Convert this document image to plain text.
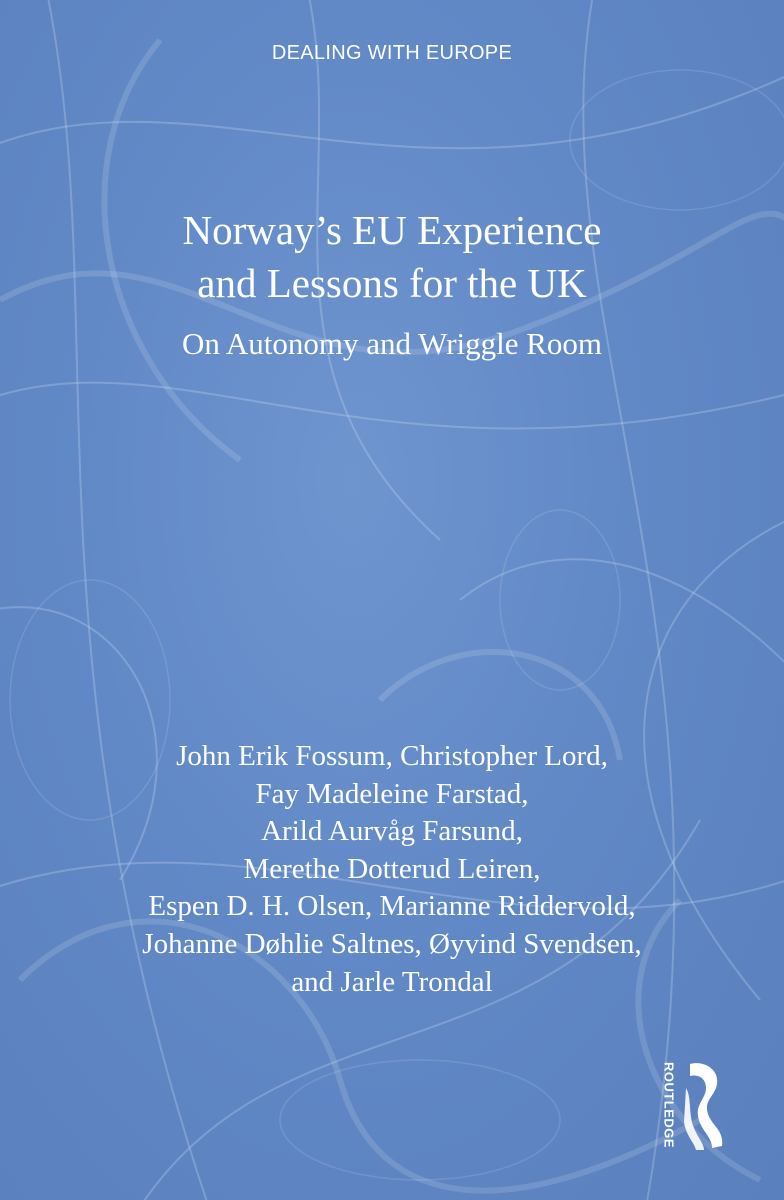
DEALING WITH EUROPE
Norway’s EU Experience
and Lessons for the UK
On Autonomy and Wriggle Room
John Erik Fossum, Christopher Lord,
Fay Madeleine Farstad,
Arild Aurvåg Farsund,
Merethe Dotterud Leiren,
Espen D. H. Olsen, Marianne Riddervold,
Johanne Døhlie Saltnes, Øyvind Svendsen,
and Jarle Trondal
ROUTLEDGE
